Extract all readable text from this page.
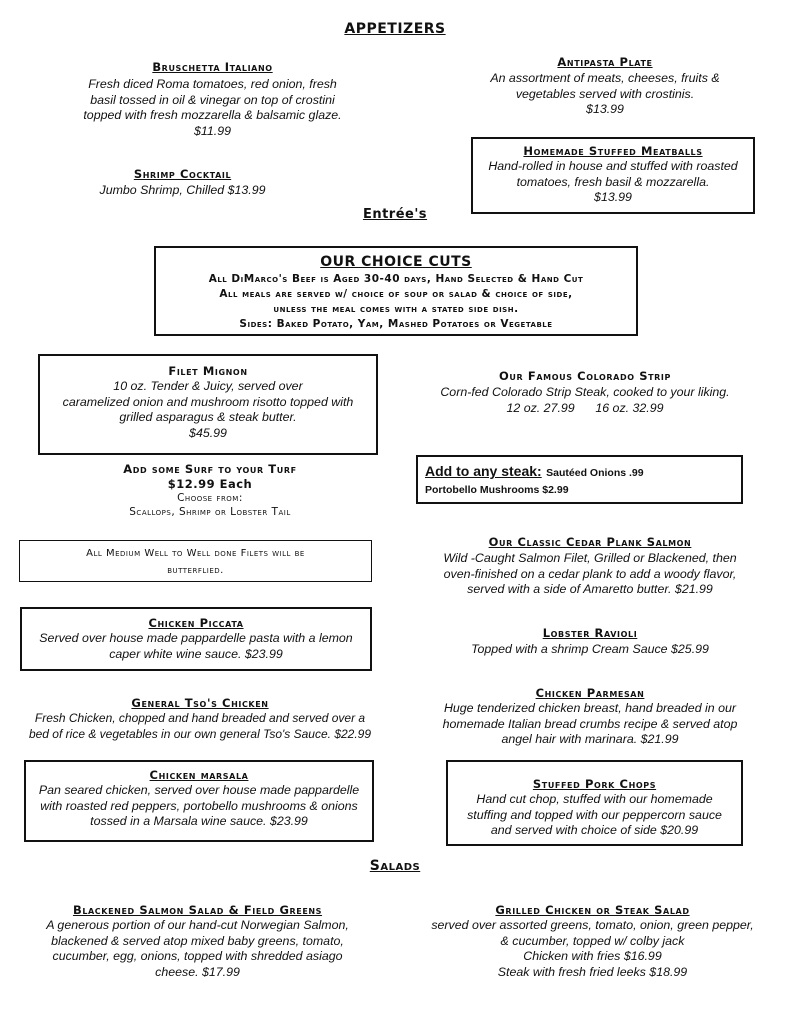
APPETIZERS
Bruschetta Italiano
Fresh diced Roma tomatoes, red onion, fresh
basil tossed in oil & vinegar on top of crostini
topped with fresh mozzarella & balsamic glaze.
$11.99
Antipasta Plate
An assortment of meats, cheeses, fruits &
vegetables served with crostinis.
$13.99
Homemade Stuffed Meatballs
Hand-rolled in house and stuffed with roasted
tomatoes, fresh basil & mozzarella.
$13.99
Shrimp Cocktail
Jumbo Shrimp, Chilled $13.99
Entrée's
OUR CHOICE CUTS
All DiMarco's Beef is Aged 30-40 days, Hand Selected & Hand Cut
All meals are served w/ choice of soup or salad & choice of side,
unless the meal comes with a stated side dish.
Sides: Baked Potato, Yam, Mashed Potatoes or Vegetable
Filet Mignon
10 oz. Tender & Juicy, served over
caramelized onion and mushroom risotto topped with
grilled asparagus & steak butter.
$45.99
Our Famous Colorado Strip
Corn-fed Colorado Strip Steak, cooked to your liking.
12 oz. 27.99      16 oz. 32.99
Add some Surf to your Turf
$12.99 Each
Choose from:
Scallops, Shrimp or Lobster Tail
Add to any steak: Sautéed Onions .99
Portobello Mushrooms $2.99
All Medium Well to Well done Filets will be
butterflied.
Our Classic Cedar Plank Salmon
Wild -Caught Salmon Filet, Grilled or Blackened, then
oven-finished on a cedar plank to add a woody flavor,
served with a side of Amaretto butter. $21.99
Chicken Piccata
Served over house made pappardelle pasta with a lemon
caper white wine sauce. $23.99
Lobster Ravioli
Topped with a shrimp Cream Sauce $25.99
General Tso's Chicken
Fresh Chicken, chopped and hand breaded and served over a
bed of rice & vegetables in our own general Tso's Sauce. $22.99
Chicken Parmesan
Huge tenderized chicken breast, hand breaded in our
homemade Italian bread crumbs recipe & served atop
angel hair with marinara. $21.99
Chicken marsala
Pan seared chicken, served over house made pappardelle
with roasted red peppers, portobello mushrooms & onions
tossed in a Marsala wine sauce. $23.99
Stuffed Pork Chops
Hand cut chop, stuffed with our homemade
stuffing and topped with our peppercorn sauce
and served with choice of side $20.99
Salads
Blackened Salmon Salad & Field Greens
A generous portion of our hand-cut Norwegian Salmon,
blackened & served atop mixed baby greens, tomato,
cucumber, egg, onions, topped with shredded asiago
cheese. $17.99
Grilled Chicken or Steak Salad
served over assorted greens, tomato, onion, green pepper,
& cucumber, topped w/ colby jack
Chicken with fries $16.99
Steak with fresh fried leeks $18.99
